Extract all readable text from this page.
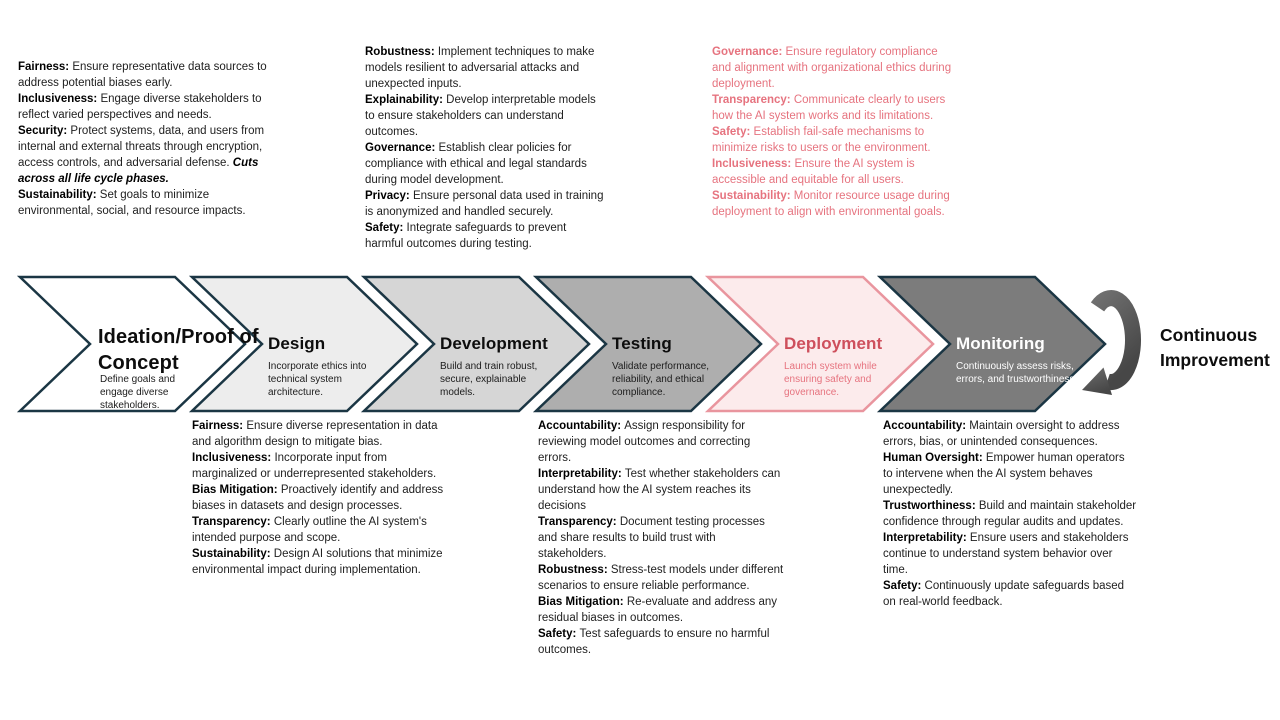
Ideation/Proof of Concept
Define goals and engage diverse stakeholders.
Design
Incorporate ethics into technical system architecture.
Development
Build and train robust, secure, explainable models.
Testing
Validate performance, reliability, and ethical compliance.
Deployment
Launch system while ensuring safety and governance.
Monitoring
Continuously assess risks, errors, and trustworthiness.
Continuous Improvement
Fairness: Ensure representative data sources to address potential biases early.
Inclusiveness: Engage diverse stakeholders to reflect varied perspectives and needs.
Security: Protect systems, data, and users from internal and external threats through encryption, access controls, and adversarial defense. Cuts across all life cycle phases.
Sustainability: Set goals to minimize environmental, social, and resource impacts.
Robustness: Implement techniques to make models resilient to adversarial attacks and unexpected inputs.
Explainability: Develop interpretable models to ensure stakeholders can understand outcomes.
Governance: Establish clear policies for compliance with ethical and legal standards during model development.
Privacy: Ensure personal data used in training is anonymized and handled securely.
Safety: Integrate safeguards to prevent harmful outcomes during testing.
Governance: Ensure regulatory compliance and alignment with organizational ethics during deployment.
Transparency: Communicate clearly to users how the AI system works and its limitations.
Safety: Establish fail-safe mechanisms to minimize risks to users or the environment.
Inclusiveness: Ensure the AI system is accessible and equitable for all users.
Sustainability: Monitor resource usage during deployment to align with environmental goals.
Fairness: Ensure diverse representation in data and algorithm design to mitigate bias.
Inclusiveness: Incorporate input from marginalized or underrepresented stakeholders.
Bias Mitigation: Proactively identify and address biases in datasets and design processes.
Transparency: Clearly outline the AI system's intended purpose and scope.
Sustainability: Design AI solutions that minimize environmental impact during implementation.
Accountability: Assign responsibility for reviewing model outcomes and correcting errors.
Interpretability: Test whether stakeholders can understand how the AI system reaches its decisions
Transparency: Document testing processes and share results to build trust with stakeholders.
Robustness: Stress-test models under different scenarios to ensure reliable performance.
Bias Mitigation: Re-evaluate and address any residual biases in outcomes.
Safety: Test safeguards to ensure no harmful outcomes.
Accountability: Maintain oversight to address errors, bias, or unintended consequences.
Human Oversight: Empower human operators to intervene when the AI system behaves unexpectedly.
Trustworthiness: Build and maintain stakeholder confidence through regular audits and updates.
Interpretability: Ensure users and stakeholders continue to understand system behavior over time.
Safety: Continuously update safeguards based on real-world feedback.
